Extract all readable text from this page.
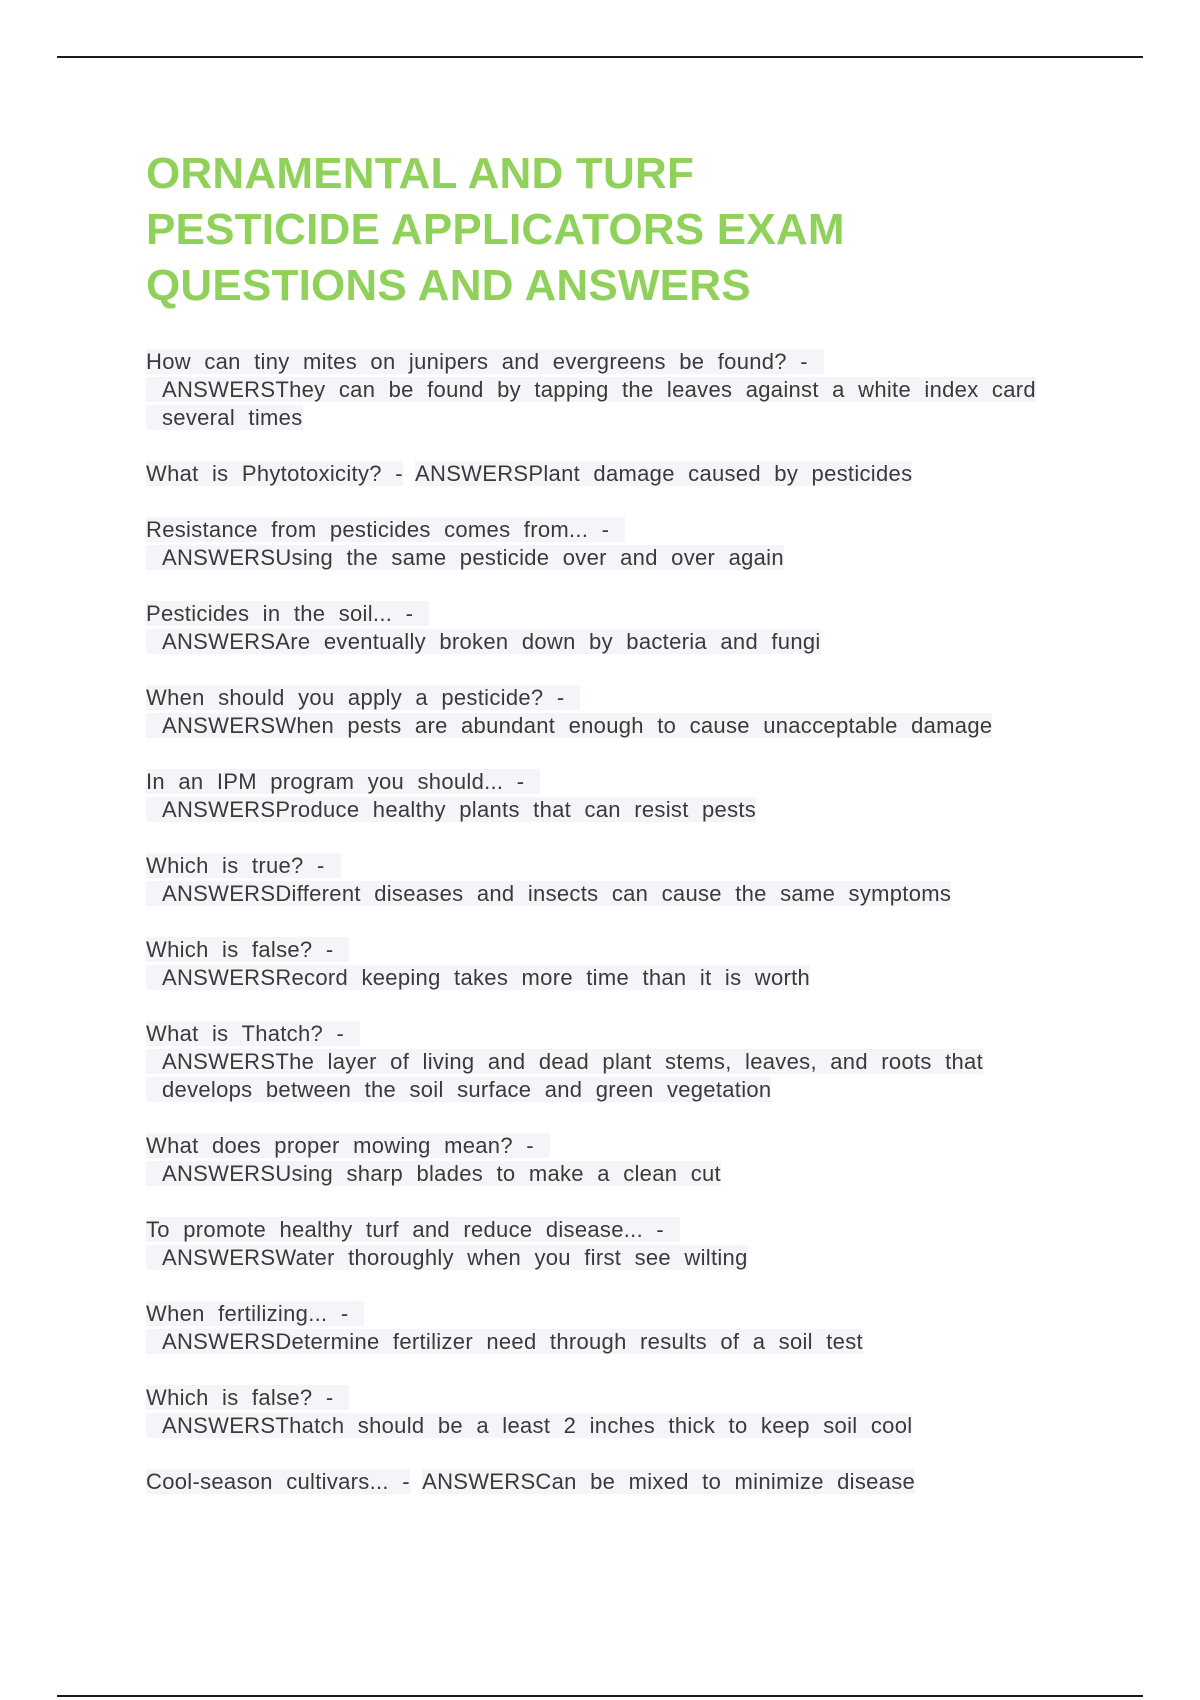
ORNAMENTAL AND TURF
PESTICIDE APPLICATORS EXAM
QUESTIONS AND ANSWERS
How can tiny mites on junipers and evergreens be found? -ANSWERSThey can be found by tapping the leaves against a white index card several times
What is Phytotoxicity? - ANSWERSPlant damage caused by pesticides
Resistance from pesticides comes from... -ANSWERSUsing the same pesticide over and over again
Pesticides in the soil... -ANSWERSAre eventually broken down by bacteria and fungi
When should you apply a pesticide? -ANSWERSWhen pests are abundant enough to cause unacceptable damage
In an IPM program you should... -ANSWERSProduce healthy plants that can resist pests
Which is true? -ANSWERSDifferent diseases and insects can cause the same symptoms
Which is false? -ANSWERSRecord keeping takes more time than it is worth
What is Thatch? -ANSWERSThe layer of living and dead plant stems, leaves, and roots that develops between the soil surface and green vegetation
What does proper mowing mean? -ANSWERSUsing sharp blades to make a clean cut
To promote healthy turf and reduce disease... -ANSWERSWater thoroughly when you first see wilting
When fertilizing... -ANSWERSDetermine fertilizer need through results of a soil test
Which is false? -ANSWERSThatch should be a least 2 inches thick to keep soil cool
Cool-season cultivars... - ANSWERSCan be mixed to minimize disease
